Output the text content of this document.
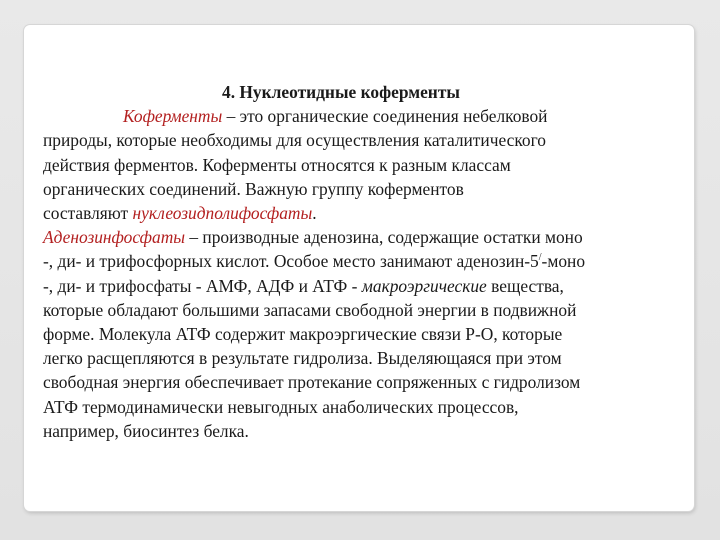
4. Нуклеотидные коферменты
Коферменты – это органические соединения небелковой
природы, которые необходимы для осуществления каталитического
действия ферментов. Коферменты относятся к разным классам
органических соединений. Важную группу коферментов
составляют нуклеозидполифосфаты.
Аденозинфосфаты – производные аденозина, содержащие остатки моно
-, ди- и трифосфорных кислот. Особое место занимают аденозин-5/-моно
-, ди- и трифосфаты - АМФ, АДФ и АТФ - макроэргические вещества,
которые обладают большими запасами свободной энергии в подвижной
форме. Молекула АТФ содержит макроэргические связи Р-О, которые
легко расщепляются в результате гидролиза. Выделяющаяся при этом
свободная энергия обеспечивает протекание сопряженных с гидролизом
АТФ термодинамически невыгодных анаболических процессов,
например, биосинтез белка.
